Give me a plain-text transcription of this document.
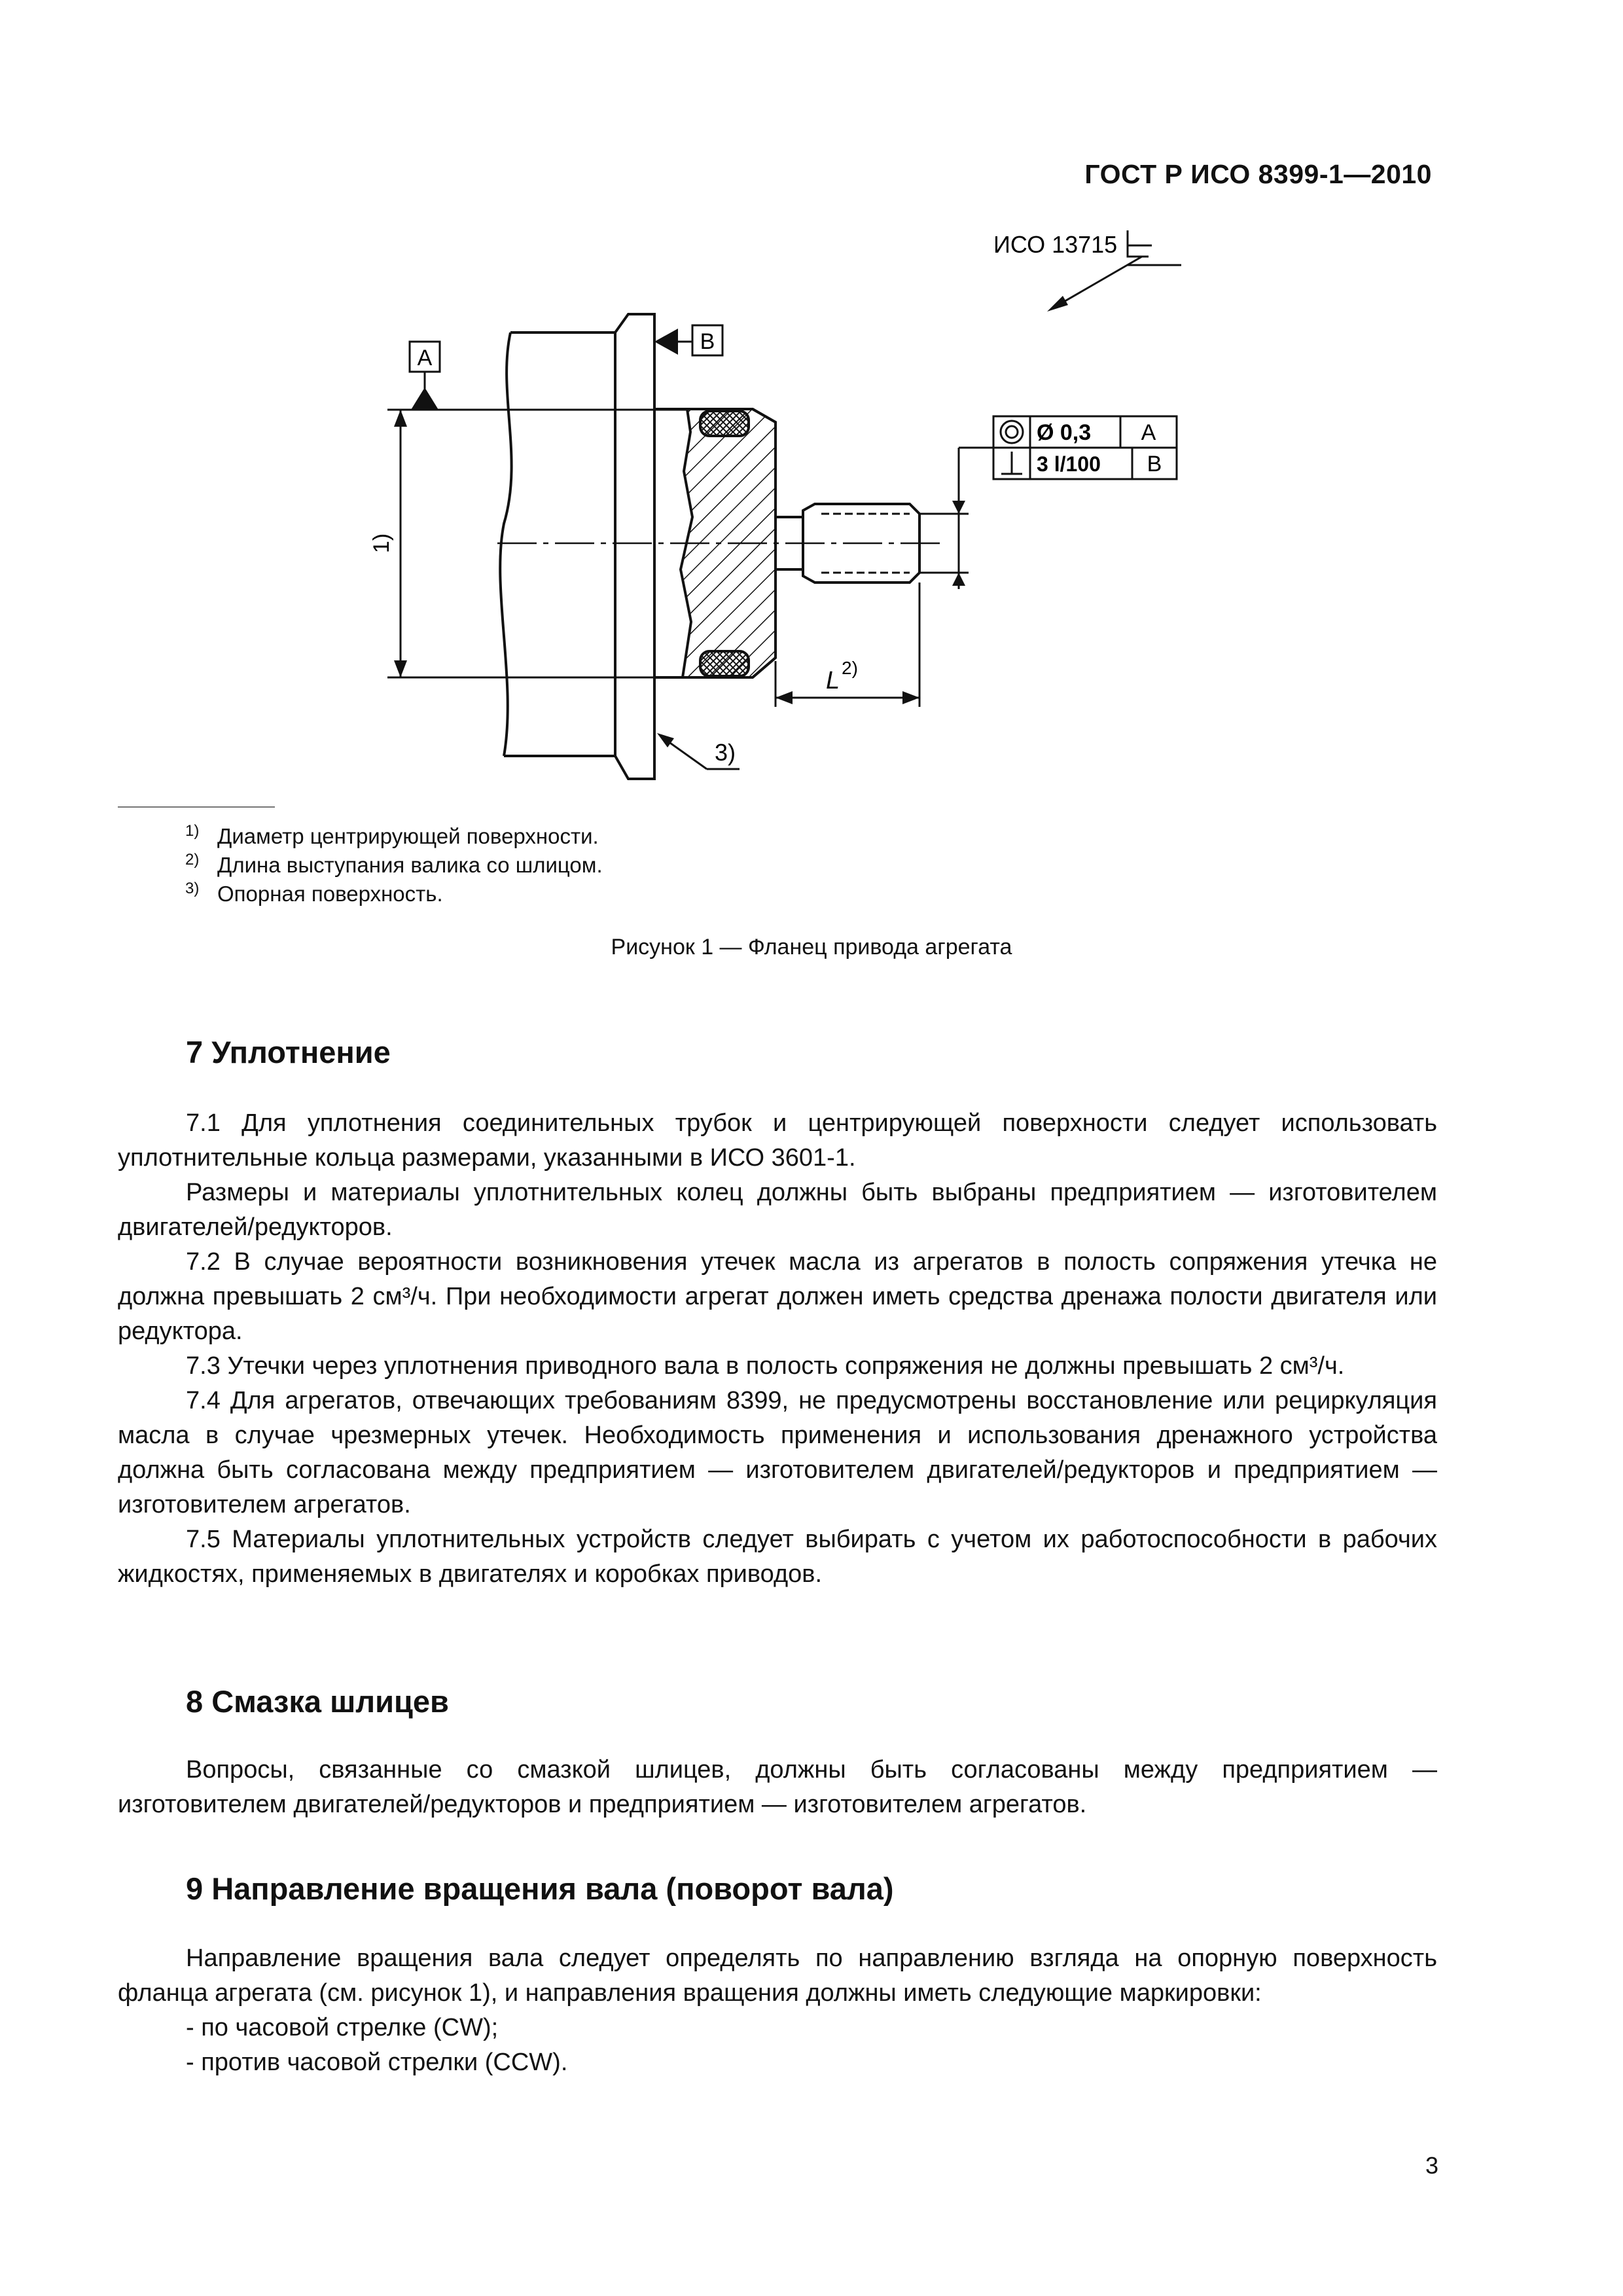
ГОСТ Р ИСО 8399-1—2010
ИСО 13715
А
В
1)
Ø 0,3 А
3 l/100 В
L 2)
3)
1) Диаметр центрирующей поверхности.
2) Длина выступания валика со шлицом.
3) Опорная поверхность.
Рисунок 1 — Фланец привода агрегата
7 Уплотнение

7.1 Для уплотнения соединительных трубок и центрирующей поверхности следует использовать уплотнительные кольца размерами, указанными в ИСО 3601-1.

Размеры и материалы уплотнительных колец должны быть выбраны предприятием — изготовителем двигателей/редукторов.

7.2 В случае вероятности возникновения утечек масла из агрегатов в полость сопряжения утечка не должна превышать 2 см³/ч. При необходимости агрегат должен иметь средства дренажа полости двигателя или редуктора.

7.3 Утечки через уплотнения приводного вала в полость сопряжения не должны превышать 2 см³/ч.

7.4 Для агрегатов, отвечающих требованиям 8399, не предусмотрены восстановление или рециркуляция масла в случае чрезмерных утечек. Необходимость применения и использования дренажного устройства должна быть согласована между предприятием — изготовителем двигателей/редукторов и предприятием — изготовителем агрегатов.

7.5 Материалы уплотнительных устройств следует выбирать с учетом их работоспособности в рабочих жидкостях, применяемых в двигателях и коробках приводов.

8 Смазка шлицев

Вопросы, связанные со смазкой шлицев, должны быть согласованы между предприятием — изготовителем двигателей/редукторов и предприятием — изготовителем агрегатов.

9 Направление вращения вала (поворот вала)

Направление вращения вала следует определять по направлению взгляда на опорную поверхность фланца агрегата (см. рисунок 1), и направления вращения должны иметь следующие маркировки:

- по часовой стрелке (CW);
- против часовой стрелки (CCW).
3
